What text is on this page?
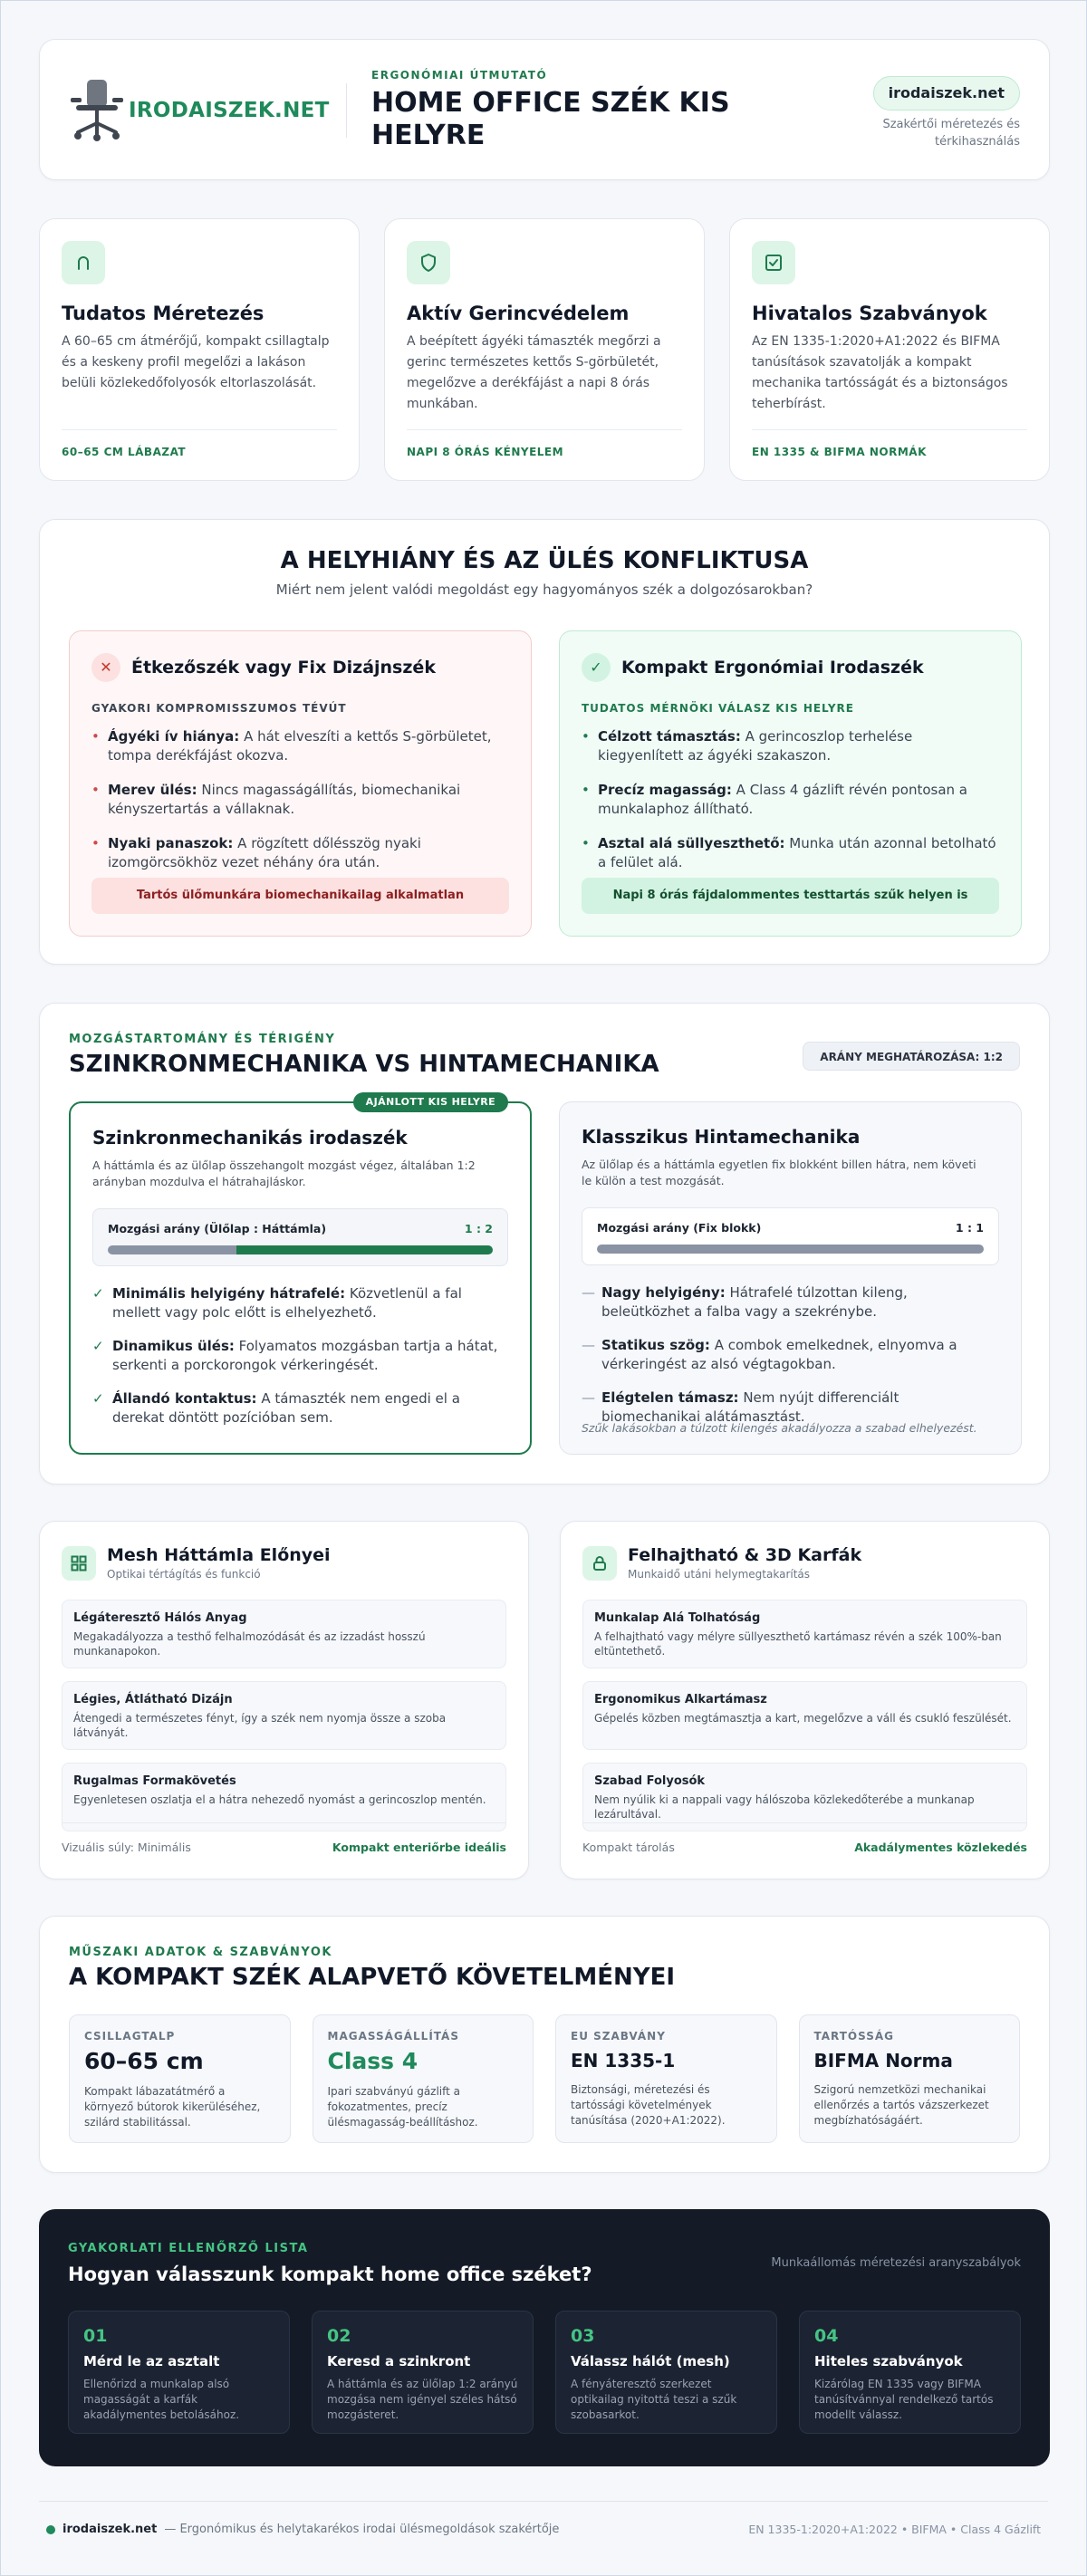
IRODAISZEK.NET
ERGONÓMIAI ÚTMUTATÓ
HOME OFFICE SZÉK KIS
HELYRE
irodaiszek.net
Szakértői méretezés és
térkihasználás
Tudatos Méretezés
A 60–65 cm átmérőjű, kompakt csillagtalp és a keskeny profil megelőzi a lakáson belüli közlekedőfolyosók eltorlaszolását.
60–65 CM LÁBAZAT
Aktív Gerincvédelem
A beépített ágyéki támaszték megőrzi a gerinc természetes kettős S-görbületét, megelőzve a derékfájást a napi 8 órás munkában.
NAPI 8 ÓRÁS KÉNYELEM
Hivatalos Szabványok
Az EN 1335-1:2020+A1:2022 és BIFMA tanúsítások szavatolják a kompakt mechanika tartósságát és a biztonságos teherbírást.
EN 1335 & BIFMA NORMÁK
A HELYHIÁNY ÉS AZ ÜLÉS KONFLIKTUSA
Miért nem jelent valódi megoldást egy hagyományos szék a dolgozósarokban?
✕	Étkezőszék vagy Fix Dizájnszék
GYAKORI KOMPROMISSZUMOS TÉVÚT
• Ágyéki ív hiánya: A hát elveszíti a kettős S-görbületet, tompa derékfájást okozva.
• Merev ülés: Nincs magasságállítás, biomechanikai kényszertartás a vállaknak.
• Nyaki panaszok: A rögzített dőlésszög nyaki izomgörcsökhöz vezet néhány óra után.
Tartós ülőmunkára biomechanikailag alkalmatlan
✓	Kompakt Ergonómiai Irodaszék
TUDATOS MÉRNÖKI VÁLASZ KIS HELYRE
• Célzott támasztás: A gerincoszlop terhelése kiegyenlített az ágyéki szakaszon.
• Precíz magasság: A Class 4 gázlift révén pontosan a munkalaphoz állítható.
• Asztal alá süllyeszthető: Munka után azonnal betolható a felület alá.
Napi 8 órás fájdalommentes testtartás szűk helyen is
MOZGÁSTARTOMÁNY ÉS TÉRIGÉNY
SZINKRONMECHANIKA VS HINTAMECHANIKA	ARÁNY MEGHATÁROZÁSA: 1:2
AJÁNLOTT KIS HELYRE
Szinkronmechanikás irodaszék
A háttámla és az ülőlap összehangolt mozgást végez, általában 1:2 arányban mozdulva el hátrahajláskor.
Mozgási arány (Ülőlap : Háttámla)	1 : 2
✓ Minimális helyigény hátrafelé: Közvetlenül a fal mellett vagy polc előtt is elhelyezhető.
✓ Dinamikus ülés: Folyamatos mozgásban tartja a hátat, serkenti a porckorongok vérkeringését.
✓ Állandó kontaktus: A támaszték nem engedi el a derekat döntött pozícióban sem.
Klasszikus Hintamechanika
Az ülőlap és a háttámla egyetlen fix blokként billen hátra, nem követi le külön a test mozgását.
Mozgási arány (Fix blokk)	1 : 1
— Nagy helyigény: Hátrafelé túlzottan kileng, beleütközhet a falba vagy a szekrénybe.
— Statikus szög: A combok emelkednek, elnyomva a vérkeringést az alsó végtagokban.
— Elégtelen támasz: Nem nyújt differenciált biomechanikai alátámasztást.
Szűk lakásokban a túlzott kilengés akadályozza a szabad elhelyezést.
Mesh Háttámla Előnyei
Optikai tértágítás és funkció
Légáteresztő Hálós Anyag
Megakadályozza a testhő felhalmozódását és az izzadást hosszú munkanapokon.
Légies, Átlátható Dizájn
Átengedi a természetes fényt, így a szék nem nyomja össze a szoba látványát.
Rugalmas Formakövetés
Egyenletesen oszlatja el a hátra nehezedő nyomást a gerincoszlop mentén.
Vizuális súly: Minimális	Kompakt enteriőrbe ideális
Felhajtható & 3D Karfák
Munkaidő utáni helymegtakarítás
Munkalap Alá Tolhatóság
A felhajtható vagy mélyre süllyeszthető kartámasz révén a szék 100%-ban eltüntethető.
Ergonomikus Alkartámasz
Gépelés közben megtámasztja a kart, megelőzve a váll és csukló feszülését.
Szabad Folyosók
Nem nyúlik ki a nappali vagy hálószoba közlekedőterébe a munkanap lezárultával.
Kompakt tárolás	Akadálymentes közlekedés
MŰSZAKI ADATOK & SZABVÁNYOK
A KOMPAKT SZÉK ALAPVETŐ KÖVETELMÉNYEI
CSILLAGTALP
60–65 cm
Kompakt lábazatátmérő a környező bútorok kikerüléséhez, szilárd stabilitással.
MAGASSÁGÁLLÍTÁS
Class 4
Ipari szabványú gázlift a fokozatmentes, precíz ülésmagasság-beállításhoz.
EU SZABVÁNY
EN 1335-1
Biztonsági, méretezési és tartóssági követelmények tanúsítása (2020+A1:2022).
TARTÓSSÁG
BIFMA Norma
Szigorú nemzetközi mechanikai ellenőrzés a tartós vázszerkezet megbízhatóságáért.
GYAKORLATI ELLENŐRZŐ LISTA
Hogyan válasszunk kompakt home office széket?
Munkaállomás méretezési aranyszabályok
01
Mérd le az asztalt
Ellenőrizd a munkalap alsó magasságát a karfák akadálymentes betolásához.
02
Keresd a szinkront
A háttámla és az ülőlap 1:2 arányú mozgása nem igényel széles hátsó mozgásteret.
03
Válassz hálót (mesh)
A fényáteresztő szerkezet optikailag nyitottá teszi a szűk szobasarkot.
04
Hiteles szabványok
Kizárólag EN 1335 vagy BIFMA tanúsítvánnyal rendelkező tartós modellt válassz.
irodaiszek.net — Ergonómikus és helytakarékos irodai ülésmegoldások szakértője	EN 1335-1:2020+A1:2022 • BIFMA • Class 4 Gázlift
